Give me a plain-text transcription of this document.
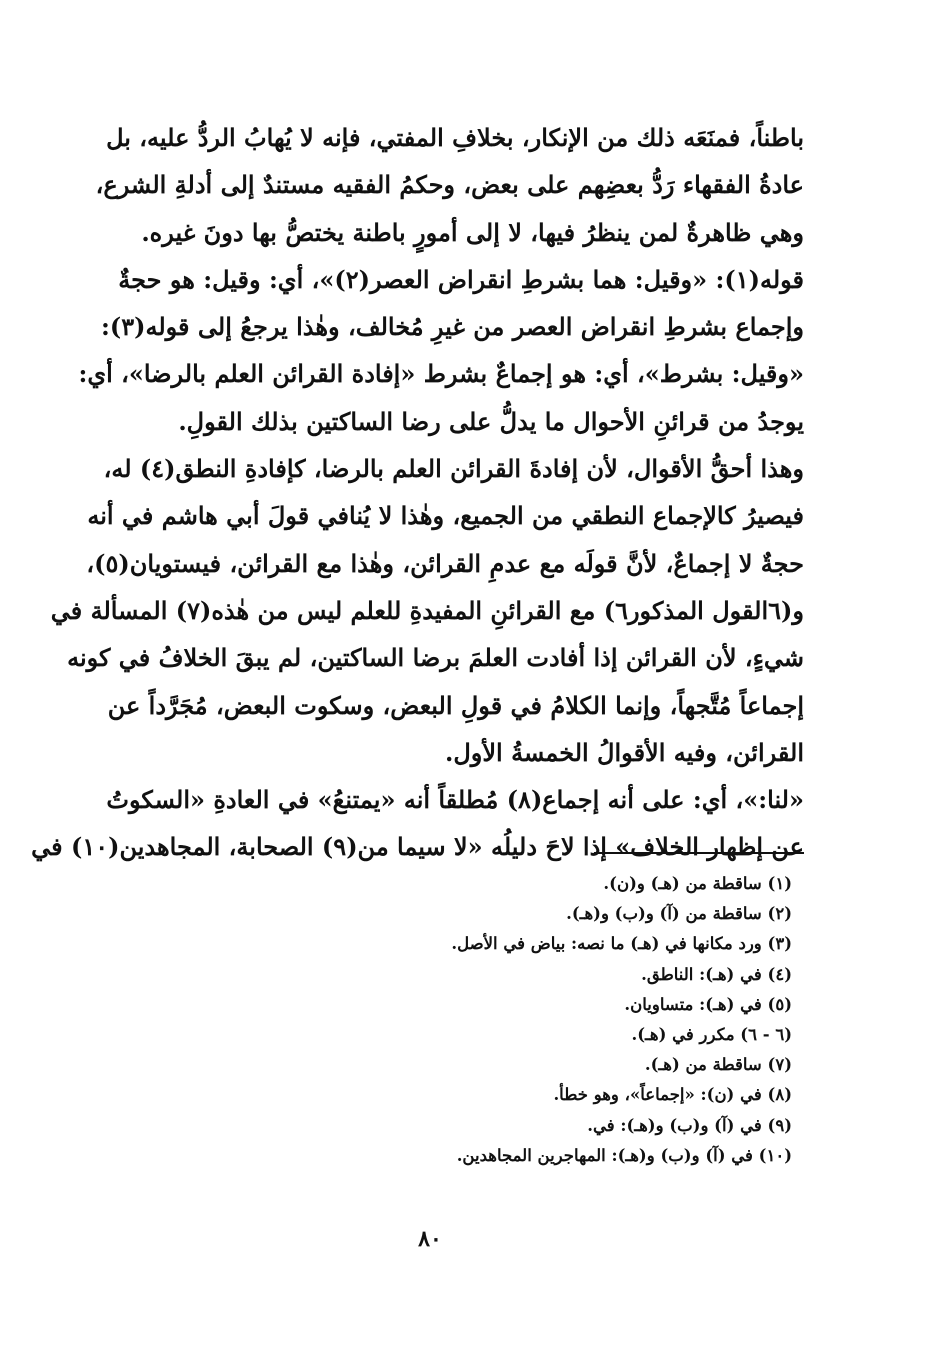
باطناً، فمنَعَه ذلك من الإنكار، بخلافِ المفتي، فإنه لا يُهابُ الردُّ عليه، بل
عادةُ الفقهاء رَدُّ بعضِهم على بعض، وحكمُ الفقيه مستندٌ إلى أدلةِ الشرع،
وهي ظاهرةٌ لمن ينظرُ فيها، لا إلى أمورٍ باطنة يختصُّ بها دونَ غيره.
قوله(١): «وقيل: هما بشرطِ انقراض العصر(٢)»، أي: وقيل: هو حجةٌ
وإجماع بشرطِ انقراض العصر من غيرِ مُخالف، وهٰذا يرجعُ إلى قوله(٣):
«وقيل: بشرط»، أي: هو إجماعٌ بشرط «إفادة القرائن العلم بالرضا»، أي:
يوجدُ من قرائنِ الأحوال ما يدلُّ على رضا الساكتين بذلك القولِ.
وهذا أحقُّ الأقوال، لأن إفادةَ القرائن العلم بالرضا، كإفادةِ النطق(٤) له،
فيصيرُ كالإجماع النطقي من الجميع، وهٰذا لا يُنافي قولَ أبي هاشم في أنه
حجةٌ لا إجماعٌ، لأنَّ قولَه مع عدمِ القرائن، وهٰذا مع القرائن، فيستويان(٥)،
و(٦القول المذكور٦) مع القرائنِ المفيدةِ للعلم ليس من هٰذه(٧) المسألة في
شيءٍ، لأن القرائن إذا أفادت العلمَ برضا الساكتين، لم يبقَ الخلافُ في كونه
إجماعاً مُتَّجهاً، وإنما الكلامُ في قولِ البعض، وسكوت البعض، مُجَرَّداً عن
القرائن، وفيه الأقوالُ الخمسةُ الأول.
«لنا:»، أي: على أنه إجماع(٨) مُطلقاً أنه «يمتنعُ» في العادةِ «السكوتُ
عن إظهار الخلاف» إذا لاحَ دليلُه «لا سيما من(٩) الصحابة، المجاهدين(١٠) في
(١) ساقطة من (هـ) و(ن).
(٢) ساقطة من (آ) و(ب) و(هـ).
(٣) ورد مكانها في (هـ) ما نصه: بياض في الأصل.
(٤) في (هـ): الناطق.
(٥) في (هـ): متساويان.
(٦ - ٦) مكرر في (هـ).
(٧) ساقطة من (هـ).
(٨) في (ن): «إجماعاً»، وهو خطأ.
(٩) في (آ) و(ب) و(هـ): في.
(١٠) في (آ) و(ب) و(هـ): المهاجرين المجاهدين.
٨٠
